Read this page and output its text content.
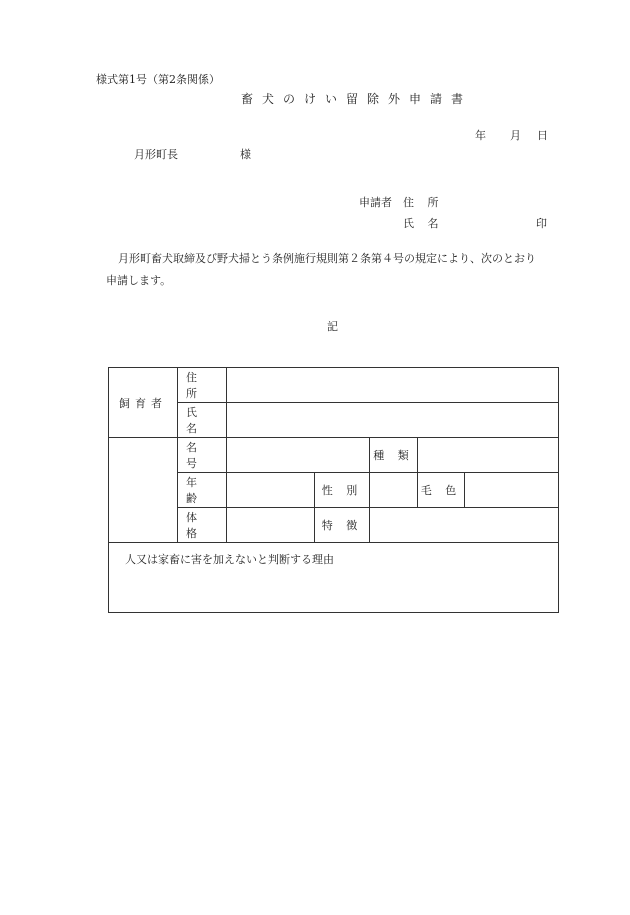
様式第1号（第2条関係）
畜犬のけい留除外申請書
年 月 日
月形町長	様
申請者 住 所
氏 名	印
月形町畜犬取締及び野犬掃とう条例施行規則第２条第４号の規定により、次のとおり
申請します。
記
飼育者	住 所					
	氏 名					
	名 号			種 類		
	年 齢		性 別		毛 色	
	体 格		特 徴			
人又は家畜に害を加えないと判断する理由						
